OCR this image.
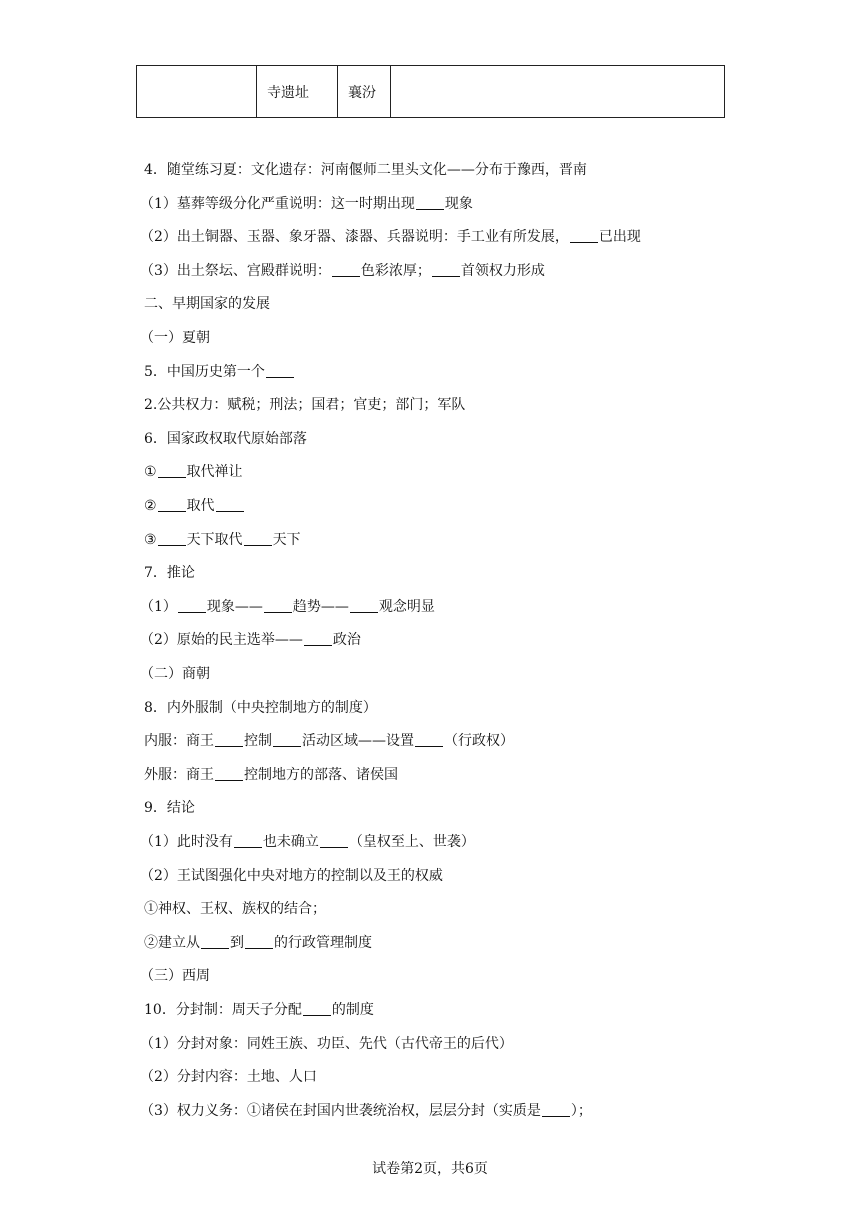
	寺遗址	襄汾	
4．随堂练习夏：文化遗存：河南偃师二里头文化——分布于豫西，晋南
（1）墓葬等级分化严重说明：这一时期出现 现象
（2）出土铜器、玉器、象牙器、漆器、兵器说明：手工业有所发展， 已出现
（3）出土祭坛、宫殿群说明： 色彩浓厚； 首领权力形成
二、早期国家的发展
（一）夏朝
5．中国历史第一个
2.公共权力：赋税；刑法；国君；官吏；部门；军队
6．国家政权取代原始部落
① 取代禅让
② 取代
③ 天下取代 天下
7．推论
（1） 现象—— 趋势—— 观念明显
（2）原始的民主选举—— 政治
（二）商朝
8．内外服制（中央控制地方的制度）
内服：商王 控制 活动区域——设置 （行政权）
外服：商王 控制地方的部落、诸侯国
9．结论
（1）此时没有 也未确立 （皇权至上、世袭）
（2）王试图强化中央对地方的控制以及王的权威
①神权、王权、族权的结合；
②建立从 到 的行政管理制度
（三）西周
10．分封制：周天子分配 的制度
（1）分封对象：同姓王族、功臣、先代（古代帝王的后代）
（2）分封内容：土地、人口
（3）权力义务：①诸侯在封国内世袭统治权，层层分封（实质是 ）；
试卷第2页，共6页
